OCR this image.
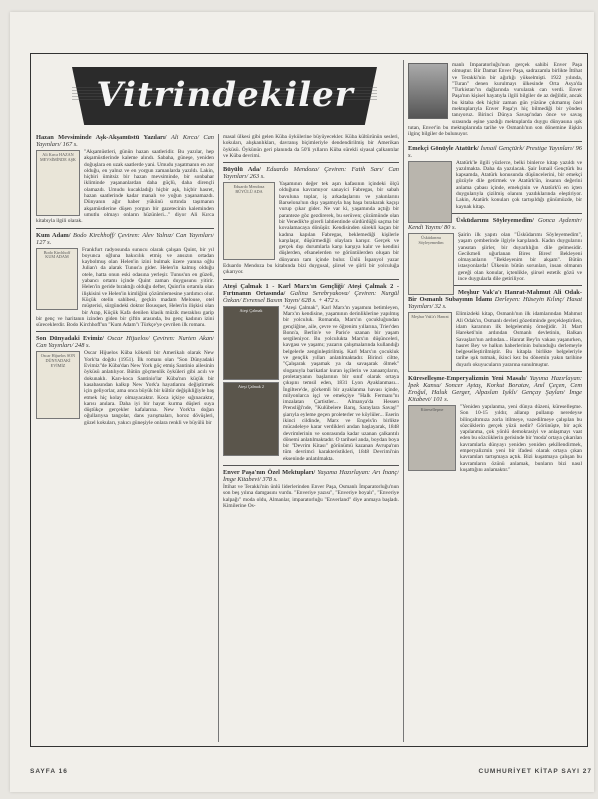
Vitrindekiler
Hazan Mevsiminde Aşk-Akşamüstü Yazıları/ Ali Kırca/ Can Yayınları/ 167 s.
Ali Kırca HAZAN MEVSİMİNDE AŞK

"Akşamüstleri, günün hazan saatleridir. Bu yazılar, hep akşamüstlerinde kaleme alındı. Sabaha, güneşe, yeniden doğuşlara en uzak saatlerde yani. Umudu yaşatmanın en zor olduğu, en yalnız ve en yorgun zamanlarda yazıldı. Lakin, hiçbiri ümitsiz bir hazan mevsiminde, bir sonbahar ikliminde yaşananlardan daha güçlü, daha dirençli olamazdı. Umudu kucakladığı hiçbir aşk, hiçbir hasret, hazan saatlerinde kadar manalı ve yoğun yaşanamazdı. Dünyanın ağır haber yükünü sırtında taşımanın akşamüstlerine düşen yorgun bir gazetecinin kaleminden umutlu olmayı onların hüzünleri..." diyor Ali Kırca kitabıyla ilgili olarak.

Kum Adam/ Bodo Kirchhoff/ Çeviren: Alev Yalnız/ Can Yayınları/ 127 s.
Bodo Kirchhoff KUM ADAM

Frankfurt radyosunda sunucu olarak çalışan Quint, bir yıl boyunca oğluna bakıcılık etmiş ve ansızın ortadan kaybolmuş olan Helen'in izini bulmak üzere yanına oğlu Julian'ı da alarak Tunus'a gider. Helen'in kalmış olduğu otele, hatta onun eski odasına yerleşir. Tunus'un en güzeli, yabancı ortamı içinde Quint zaman duygusunu yitirir. Helen'in geride bıraktığı olduğu defter, Quint'in ortamla olan ilişkisini ve Helen'in kimliğini çözümlemesine yardımcı olur. Küçük otelin sahibesi, geçkin madam Melouse, otel müşterisi, sürgündeki doktor Bousquet, Helen'in ilişkisi olan bir Arap, Küçük Kafa denilen klasik müzik meraklısı garip bir genç ve haritanın izinden giden bir çiftin arasında, bu genç kadının izini süreceklerdir. Bodo Kirchhoff'un "Kum Adam"ı Türkçe'ye çevrilen ilk romanı.

Son Dünyadaki Evimiz/ Oscar Hijuelos/ Çeviren: Nurten Akan/ Can Yayınları/ 248 s.
Oscar Hijuelos SON DÜNYADAKİ EVİMİZ

Oscar Hijuelos Küba kökenli bir Amerikalı olarak New York'ta doğdu (1951). İlk romanı olan "Son Dünyadaki Evimiz"de Küba'dan New York göç etmiş Santinio ailesinin öyküsü anlatılıyor. Bütün göçmenlik öyküleri gibi acılı ve dokunaklı. Karı-koca Santinio'lar Küba'nın küçük bir kasabasından kalkıp New York'a hayatlarını değiştirmek için geliyorlar, ama onca büyük bir kültür değişikliğiyle baş etmek hiç kolay olmayacaktır. Koca içkiye sığınacaktır, karısı anılara. Daha iyi bir hayat kurma düşleri suya düştükçe gerçekler kafalarına. New York'ta doğan oğullarıysa tangolar, dans yarışmaları, horoz dövüşleri, güzel kokuları, yakıcı güneşiyle onlara renkli ve büyülü bir

masal ülkesi gibi gelen Küba öykülerine büyüyecekler. Küba kültürünün sesleri, kokuları, alışkanlıkları, davranış biçimleriyle dendendirilmiş bir Amerikan öyküsü. Öykünün geri planında da 50'li yılların Küba sürekli siyasal çalkantılar ve Küba devrimi.

Büyülü Ada/ Eduardo Mendoza/ Çeviren: Fatih Sarı/ Can Yayınları/ 263 s.
Eduardo Mendoza BÜYÜLÜ ADA

Yaşamının değer tek aşın kafasının içindeki ölçü olduğunu kavramıyor sanayici Fabregas, bir sabah bavuluna toplar, iş arkadaşlarını ve yakınlarını Barselona'nın dışı yaşamıyla baş başa bırakarak kaçışı vurup çıkar gider. Ne var ki, yaşamında açtığı bir paranteze göz gezdirerek, bu serüven; çözümünde olan bir Venedik'te girerli lahtientinde sürdürdüğü saçma bir kovalamacaya dönüşür. Kendisinden sürekli kaçan bir kadına kapılan Fabregas, beklemediği kişilerle karşılaşır, düşürmediği olaylara karışır. Gerçek ve gerçek dışı durumlarla karşı karşıya kalır ve kendini düşlerden, efsanelerden ve görüntülerden oluşan bir dünyanın tam içinde bulur. Ünlü İspanyol yazar Eduardo Mendoza bu kitabında bizi duygusal, şiirsel ve şiirli bir yolculuğa çıkarıyor.

Ateşi Çalmak 1 - Karl Marx'ın Gençliği/ Ateşi Çalmak 2 - Fırtınanın Ortasında/ Galina Serebryakova/ Çeviren: Nurgül Özkan/ Evrensel Basım Yayın/ 628 s. + 472 s.
Ateşi Çalmak
Ateşi Çalmak 2

"Ateşi Çalmak", Karl Marx'ın yaşamını betimleyen, Marx'ın kendisine, yaşamının derinliklerine yapılmış bir yolculuk. Romanda, Marx'ın çocukluğundan gençliğine, aile, çevre ve öğrenim yıllarına, Trier'den Bonn'a, Berlin'e ve Paris'e uzanan bir yaşam sergileniyor. Bu yolculukta Marx'ın düşünceleri, kavgası ve yaşamı; yazarın çalışmalarında kullandığı belgelerle zenginleştirilmiş. Karl Marx'ın çocukluk ve gençlik yılları anlatılmaktadır. Birinci ciltte, "Çalışarak yaşamak ya da savaşarak ölmek" sloganıyla barikatlar kuran işçilerin ve zanaatçıların, proletaryanın başlarının bir sınıf olarak ortaya çıkışını temsil eden, 1831 Lyon Ayaklanması... İngiltere'de, görkemli bir ayaklanma havası içinde, milyonlarca işçi ve emekçiye "Halk Fermanı"nı imzalatan Çartistler... Almanya'da Hessen Prensliği'nde, "Kulübelere Barış, Saraylara Savaş!" şiarıyla eyleme geçen proleterler ve köylüler... Eserin ikinci cildinde, Marx ve Engels'in birlikte mücadeleye karar verdikleri andan başlayarak, 1848 devrimlerinin ve sonrasında kadar uzanan çalkantılı dönemi anlatılmaktadır. O tarihsel anda, boydan boya bir "Devrim Kitası" görünümü kazanan Avrupa'nın tüm devrimci karakteristikleri, 1848 Devrimi'nin ekseninde anlatılmakta.

Enver Paşa'nın Özel Mektupları/ Yaşama Hazırlayan: Arı İnanç/ İmge Kitabevi/ 378 s.

İttihat ve Terakki'nin ünlü liderlerinden Enver Paşa, Osmanlı İmparatorluğu'nun son beş yılına damgasını vurdu. "Enveriye yazısı", "Enveriye boyalı", "Enveriye kalpağı" moda oldu, Almanlar, imparatorluğu "Enverland" diye anmaya başladı. Kimilerine Os-

manlı İmparatorluğu'nun gerçek sahibi Enver Paşa olmuştur. Bir Damat Enver Paşa, sadrazamla birlikte İttihat ve Terakki'nin bir ağırlığı yükselmişti. 1922 yılında, "Turan" denen kurulmayı ülkesinde Orta Asya'da "Turkistan"ın dağlarında vurularak can verdi. Enver Paşa'nın kişisel hayatıyla ilgili bilgiler de az değildir, ancak bu kitaba dek hiçbir zaman gün yüzüne çıkmamış özel mektuplarıyla Enver Paşa'yı hiç bilmediği bir yönden tanıyoruz. Birinci Dünya Savaşı'ndan önce ve savaş sırasında eşine yazdığı mektuplarda duygu dünyasına ışık tutan, Enver'in bu mektuplarında tarihe ve Osmanlı'nın son dönemine ilişkin ilginç bilgiler de bulunuyor.

Emekçi Gönüyle Atatürk/ İsmail Gençtürk/ Prestige Yayınları/ 96 s.

Atatürk'le ilgili yüzlerce, belki binlerce kitap yazıldı ve yazılmakta. Daha da yazılacak. Şair İsmail Gençtürk bu kapsamda, Atatürk konusunda düşüncelerini, bir emekçi gözüyle dile getirmek ve Atatürk'ün, insanın değerini anlama çabası içinde, emekçinin ve Atatürk'ü en içten duygularıyla çizilmiş olanını yazdıklarında eleştiriyor. Lakin, Atatürk konuları çok tartışıldığı günümüzde, bir kaynak kitap.

Üsküdarımı Söyleyemedim/ Gonca Aydemir/ Kendi Yayını/ 80 s.
Üsküdarımı Söyleyemedim

Şairin ilk yapıtı olan "Üsküdarımı Söyleyemedim", yaşam çemberinde ilgiyle karşılandı. Kadın duygularını yansıtan şiirler, bir duyarlılığın dile gelmesidir. Gecikmeli uğurlanan Bires Bires! Bekleyeni olmayanların "Bekleyenim bir akşam". Bütün istasyonlarda! Ülkenin bütün sorunları, insan olmanın gereği olan konular, içtenlikle, şiirsel estetik gözü ve ince duygularla dile getiriliyor.

Meşhur Vak'a'ı Hanrat-Mahmut Ali Odak-Bir Osmanlı Subayının İdamı Derleyen: Hüseyin Kılınç/ Hasat Yayınları/ 32 s.
Meşhur Vak'a'ı Hanrat	Elimizdeki kitap, Osmanlı'nın ilk idamlarından Mahmut Ali Odak'ın, Osmanlı devleti gözetiminde gerçekleştirilen, idam kararının ilk belgelenmiş örneğidir. 31 Mart Hareketi'nin ardından Osmanlı devletinin, Balkan Savaşları'nın ardından... Hanrat Bey'in vakası yaşanırken, hasret Bey ve halkın haberlerinin bulunduğu derlemeyle belgeselleştirilmiştir. Bu kitapla birlikte belgeleriyle tarihe ışık tutmak, ikinci kez bu dönemin yakın tarihine duyarlı okuyucuların yararına sunulmuştur.

Küreselleşme-Emperyalizmin Yeni Masalı/ Yayıma Hazırlayan: İpek Kansu/ Soncer Aytaş, Korkut Boratav, Anıl Çeçen, Cem Eroğul, Haluk Gerger, Alpaslan Işıklı/ Gençay Şaylan/ İmge Kitabevi/ 101 s.
Küreselleşme	"Yeniden yapılanma, yeni dünya düzeni, küreselleşme. Son 10-15 yıldır, allanıp pullanıp neredeyse bilinçaltımıza zorla itilmeye, vazedilmeye çalışılan bu sözcüklerin gerçek yüzü nedir? Görünüşte, bir açık yapılanma, çok yönlü demokrasiyi ve anlaşmayı vaat eden bu sözcüklerin gerisinde bir 'moda' ortaya çıkarılan kavramlarla dünyayı yeniden yeniden şekillendirmek, emperyalizmin yeni bir ifadesi olarak ortaya çıkan kavramları tartışmaya açtık. Bizi kuşatmaya çalışan bu kavramların özünü anlamak, bunların bizi nasıl kuşattığını anlamaktır."

SAYFA 16	CUMHURİYET KİTAP SAYI 27
